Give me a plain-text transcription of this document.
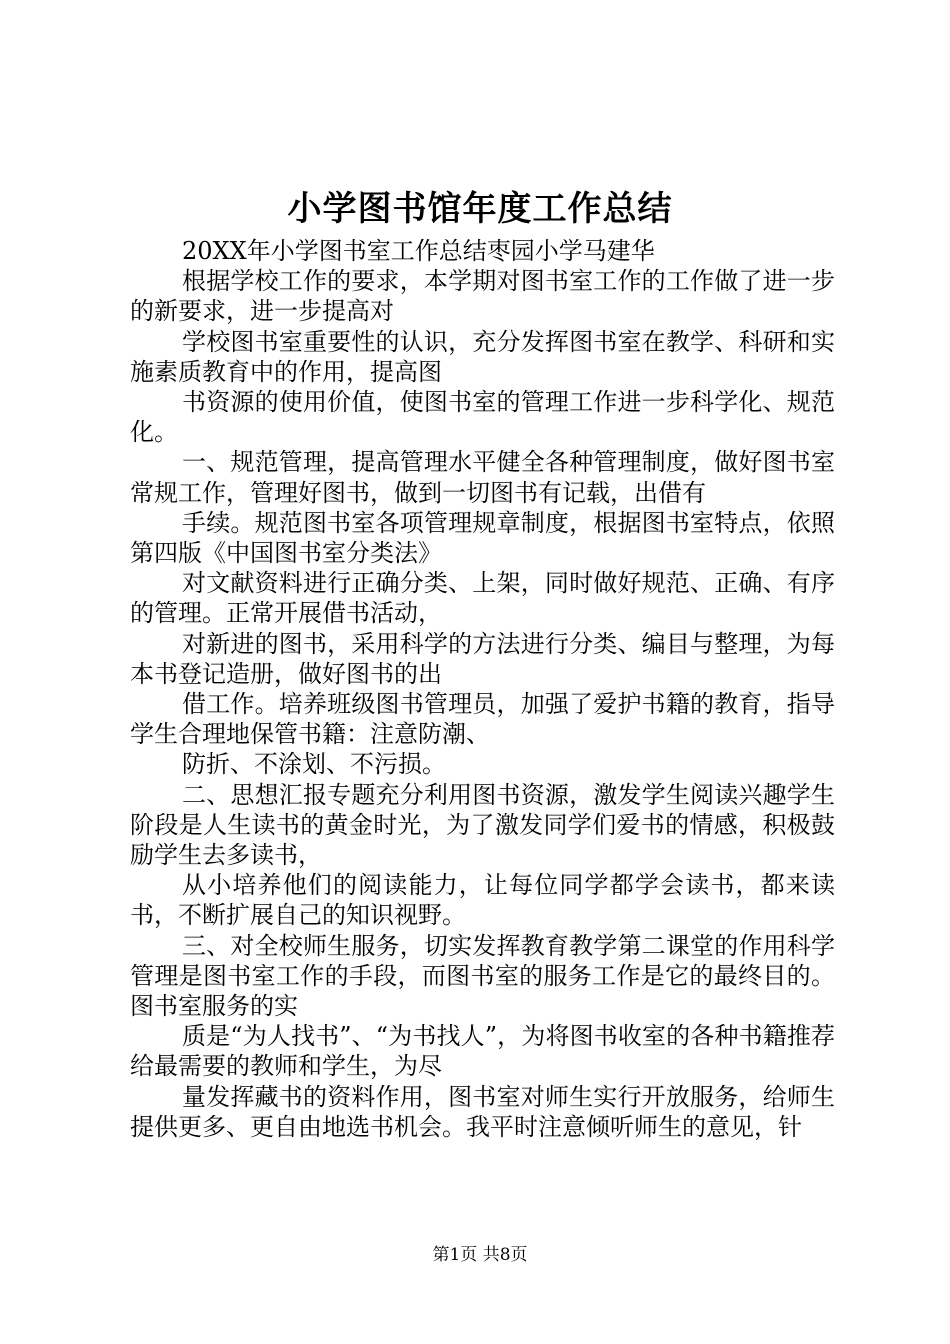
小学图书馆年度工作总结

20XX年小学图书室工作总结枣园小学马建华

根据学校工作的要求，本学期对图书室工作的工作做了进一步的新要求，进一步提高对

学校图书室重要性的认识，充分发挥图书室在教学、科研和实施素质教育中的作用，提高图

书资源的使用价值，使图书室的管理工作进一步科学化、规范化。

一、规范管理，提高管理水平健全各种管理制度，做好图书室常规工作，管理好图书，做到一切图书有记载，出借有

手续。规范图书室各项管理规章制度，根据图书室特点，依照第四版《中国图书室分类法》

对文献资料进行正确分类、上架，同时做好规范、正确、有序的管理。正常开展借书活动，

对新进的图书，采用科学的方法进行分类、编目与整理，为每本书登记造册，做好图书的出

借工作。培养班级图书管理员，加强了爱护书籍的教育，指导学生合理地保管书籍：注意防潮、

防折、不涂划、不污损。

二、思想汇报专题充分利用图书资源，激发学生阅读兴趣学生阶段是人生读书的黄金时光，为了激发同学们爱书的情感，积极鼓励学生去多读书，

从小培养他们的阅读能力，让每位同学都学会读书，都来读书，不断扩展自己的知识视野。

三、对全校师生服务，切实发挥教育教学第二课堂的作用科学管理是图书室工作的手段，而图书室的服务工作是它的最终目的。图书室服务的实

质是“为人找书”、“为书找人”，为将图书收室的各种书籍推荐给最需要的教师和学生，为尽

量发挥藏书的资料作用，图书室对师生实行开放服务，给师生提供更多、更自由地选书机会。我平时注意倾听师生的意见，针

第1页 共8页
